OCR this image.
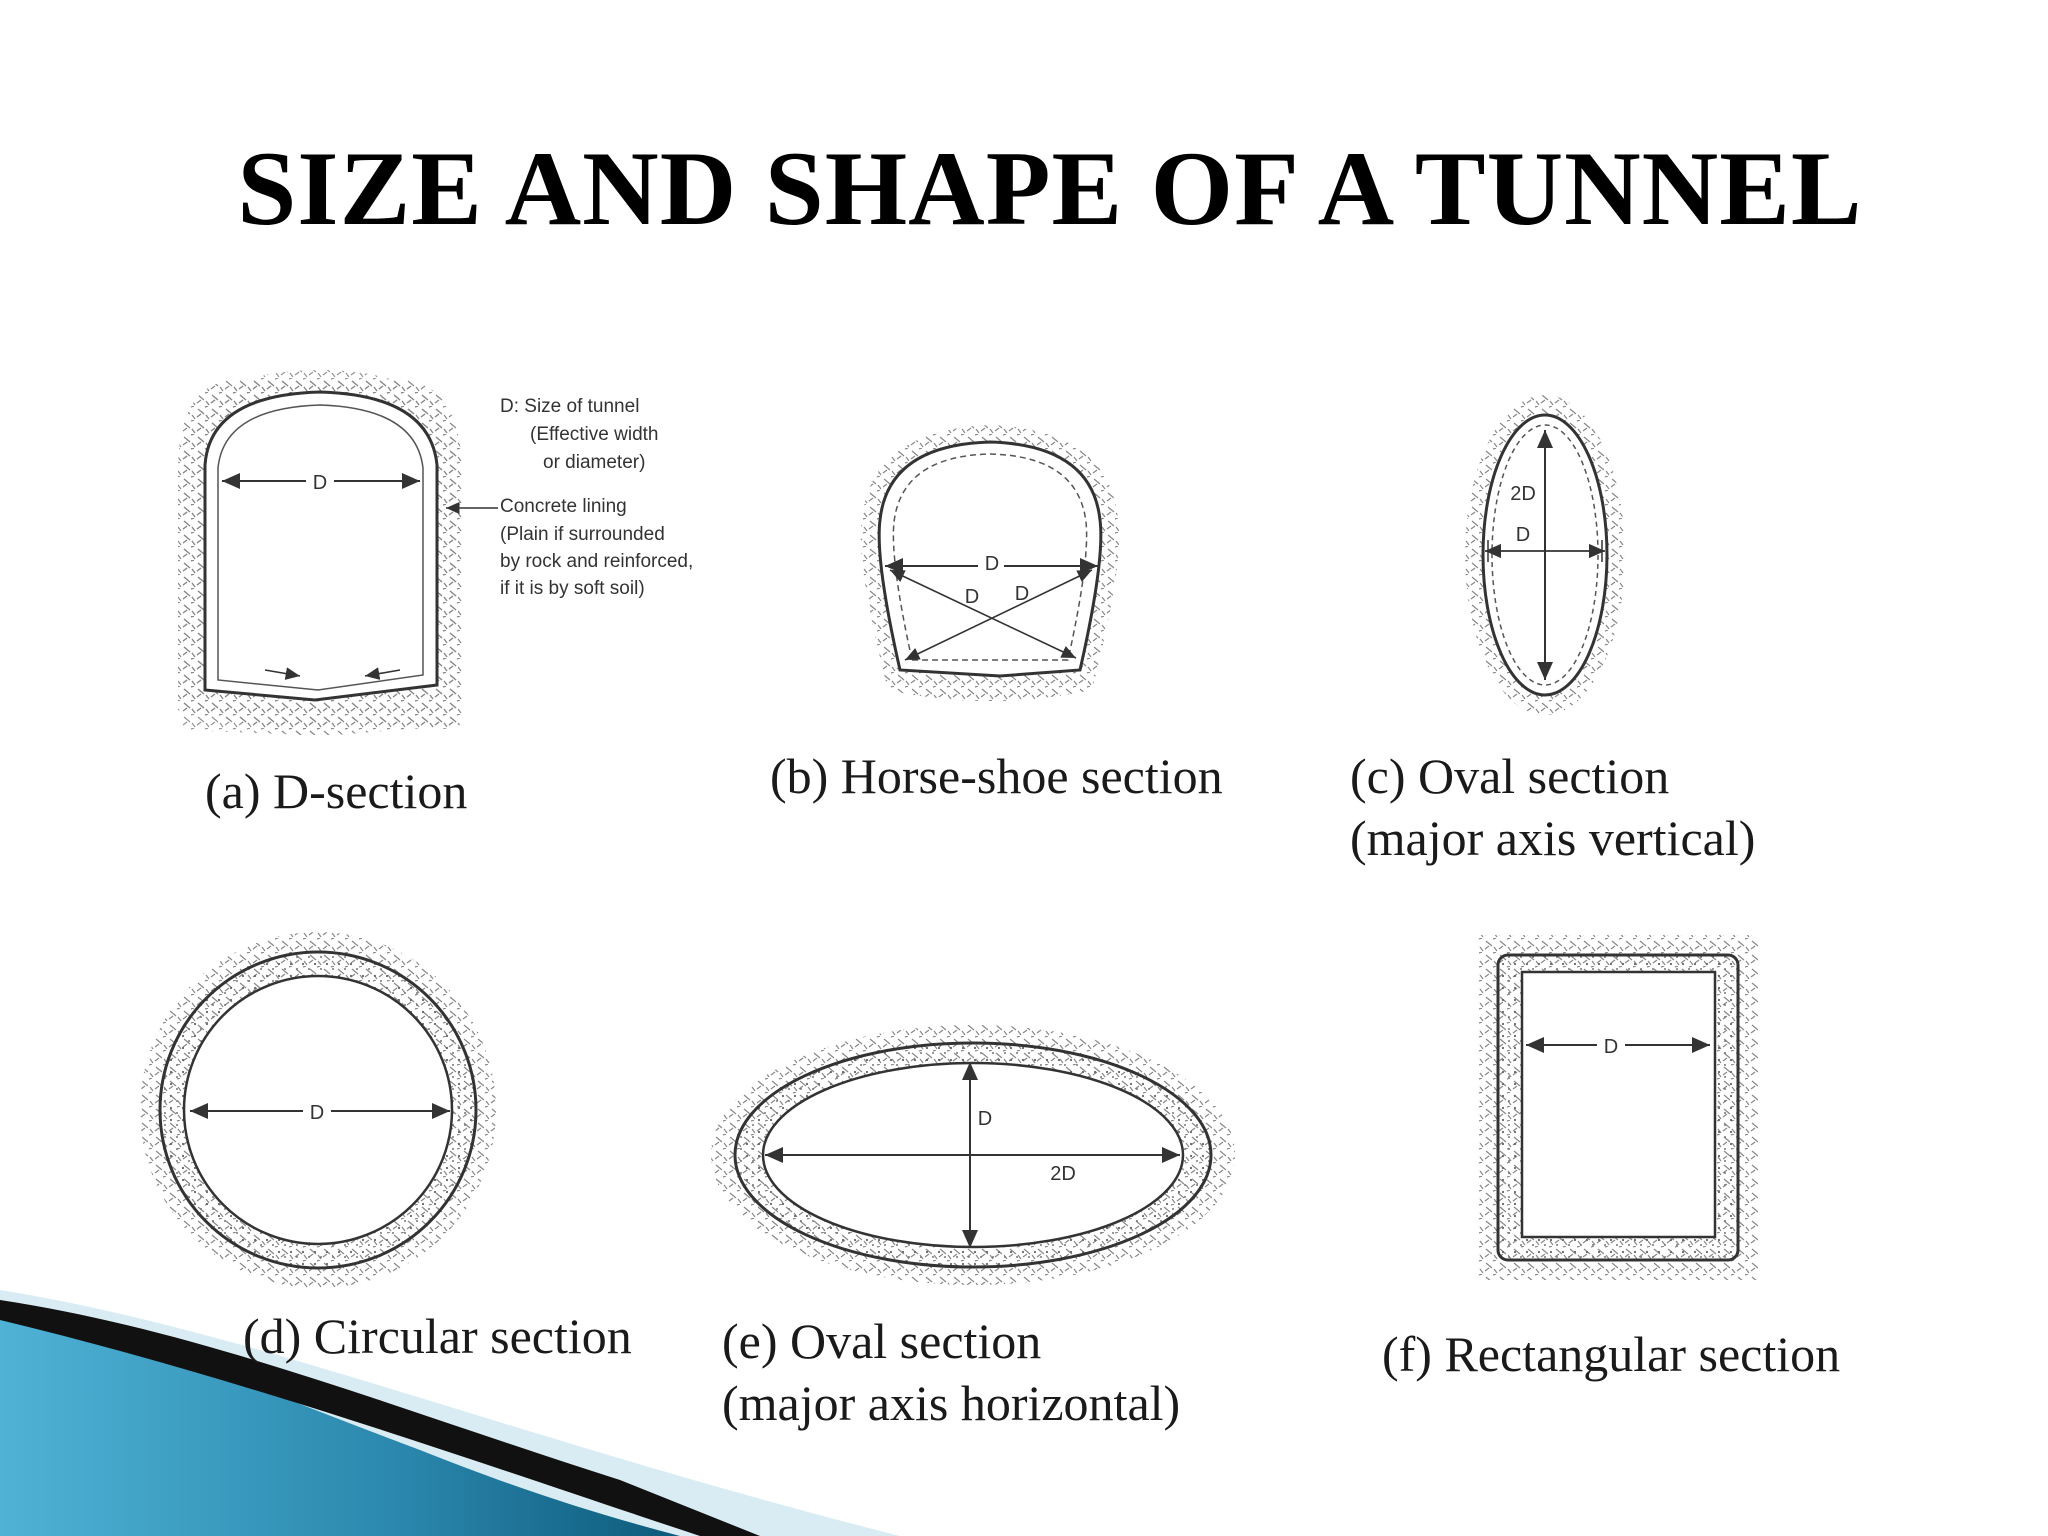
SIZE AND SHAPE OF A TUNNEL
D
D: Size of tunnel
(Effective width
or diameter)
Concrete lining
(Plain if surrounded
by rock and reinforced,
if it is by soft soil)
D
D D
2D
D
D	D
2D
D
(a) D-section	(b) Horse-shoe section	(c) Oval section
(major axis vertical)
(d) Circular section (e) Oval section
(major axis horizontal)
(f) Rectangular section
